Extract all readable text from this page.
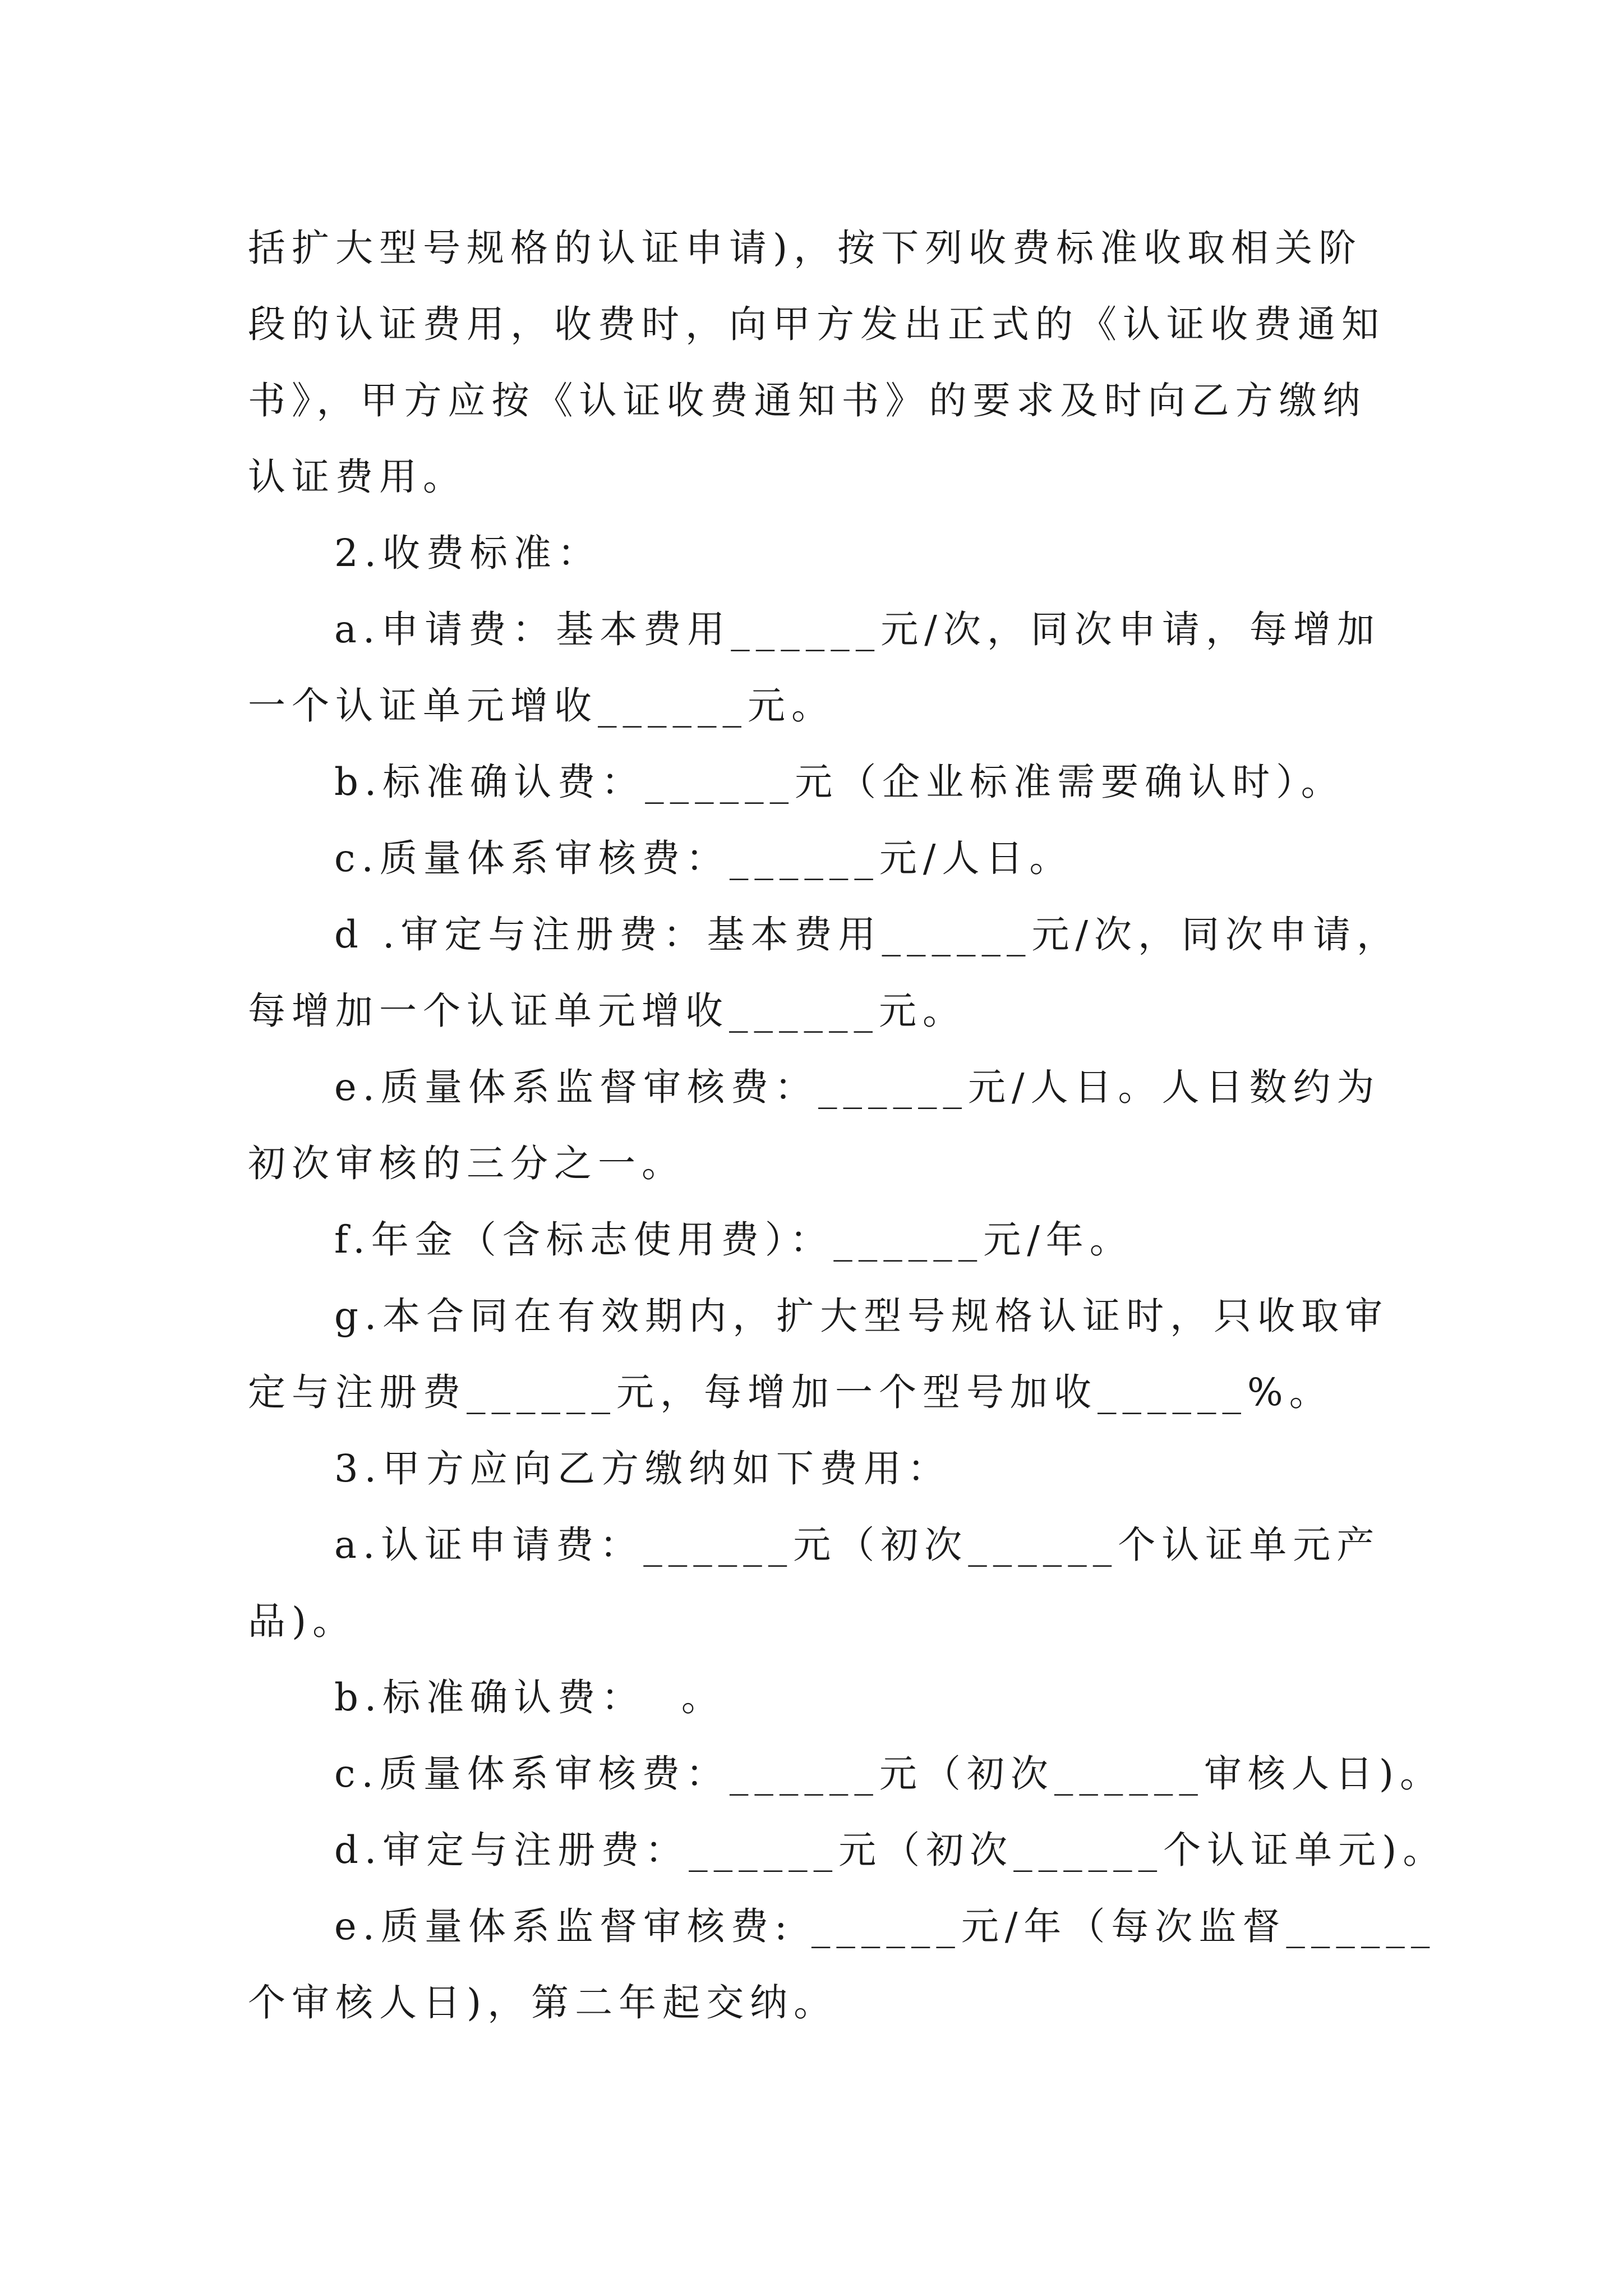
括扩大型号规格的认证申请)，按下列收费标准收取相关阶
段的认证费用，收费时，向甲方发出正式的《认证收费通知
书》，甲方应按《认证收费通知书》的要求及时向乙方缴纳
认证费用。
2.收费标准：
a.申请费：基本费用______元/次，同次申请，每增加
一个认证单元增收______元。
b.标准确认费：______元（企业标准需要确认时）。
c.质量体系审核费：______元/人日。
d .审定与注册费：基本费用______元/次，同次申请，
每增加一个认证单元增收______元。
e.质量体系监督审核费：______元/人日。人日数约为
初次审核的三分之一。
f.年金（含标志使用费）：______元/年。
g.本合同在有效期内，扩大型号规格认证时，只收取审
定与注册费______元，每增加一个型号加收______%。
3.甲方应向乙方缴纳如下费用：
a.认证申请费：______元（初次______个认证单元产
品)。
b.标准确认费：  。
c.质量体系审核费：______元（初次______审核人日)。
d.审定与注册费：______元（初次______个认证单元)。
e.质量体系监督审核费: ______元/年（每次监督______
个审核人日)，第二年起交纳。
